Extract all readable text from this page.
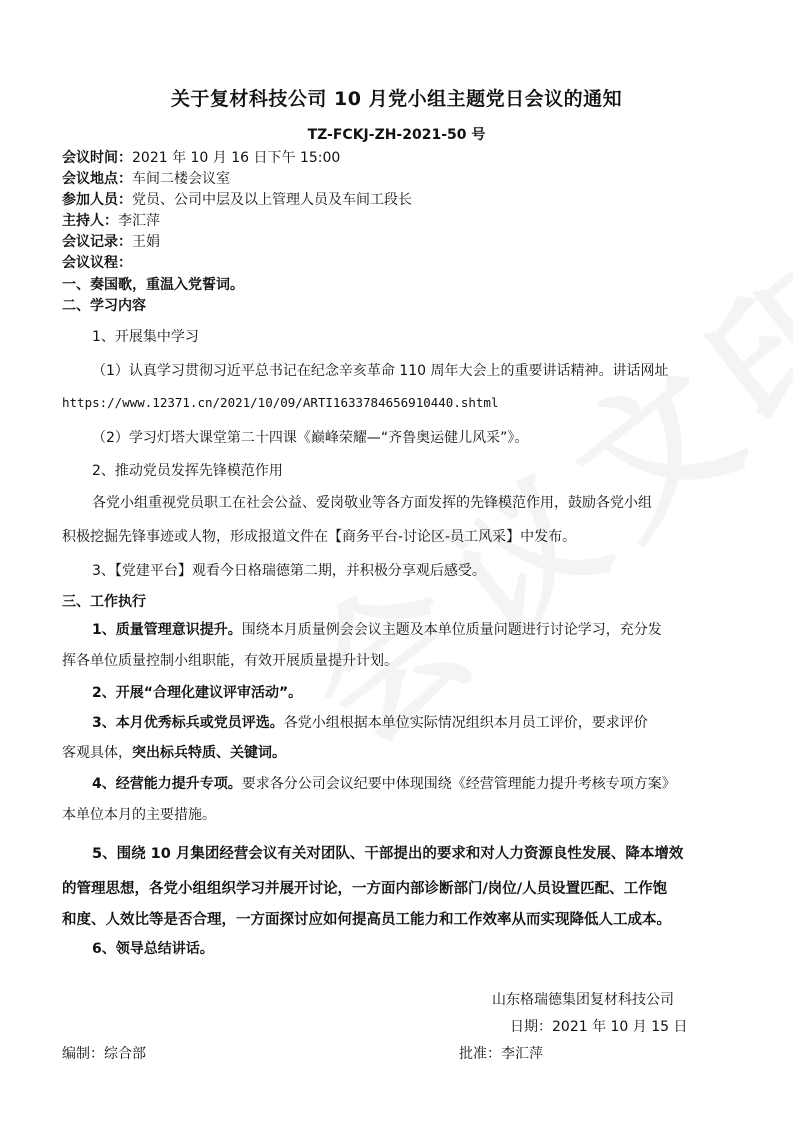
关于复材科技公司 10 月党小组主题党日会议的通知
TZ-FCKJ-ZH-2021-50 号
会议时间：2021 年 10 月 16 日下午 15:00
会议地点：车间二楼会议室
参加人员：党员、公司中层及以上管理人员及车间工段长
主持人：李汇萍
会议记录：王娟
会议议程：
一、奏国歌，重温入党誓词。
二、学习内容
1、开展集中学习
（1）认真学习贯彻习近平总书记在纪念辛亥革命 110 周年大会上的重要讲话精神。讲话网址
https://www.12371.cn/2021/10/09/ARTI1633784656910440.shtml
（2）学习灯塔大课堂第二十四课《巅峰荣耀—“齐鲁奥运健儿风采”》。
2、推动党员发挥先锋模范作用
各党小组重视党员职工在社会公益、爱岗敬业等各方面发挥的先锋模范作用，鼓励各党小组
积极挖掘先锋事迹或人物，形成报道文件在【商务平台-讨论区-员工风采】中发布。
3、【党建平台】观看今日格瑞德第二期，并积极分享观后感受。
三、工作执行
1、质量管理意识提升。围绕本月质量例会会议主题及本单位质量问题进行讨论学习，充分发
挥各单位质量控制小组职能，有效开展质量提升计划。
2、开展“合理化建议评审活动”。
3、本月优秀标兵或党员评选。各党小组根据本单位实际情况组织本月员工评价，要求评价
客观具体，突出标兵特质、关键词。
4、经营能力提升专项。要求各分公司会议纪要中体现围绕《经营管理能力提升考核专项方案》
本单位本月的主要措施。
5、围绕 10 月集团经营会议有关对团队、干部提出的要求和对人力资源良性发展、降本增效
的管理思想，各党小组组织学习并展开讨论，一方面内部诊断部门/岗位/人员设置匹配、工作饱
和度、人效比等是否合理，一方面探讨应如何提高员工能力和工作效率从而实现降低人工成本。
6、领导总结讲话。
山东格瑞德集团复材科技公司
日期：2021 年 10 月 15 日
编制：综合部	批准：李汇萍
